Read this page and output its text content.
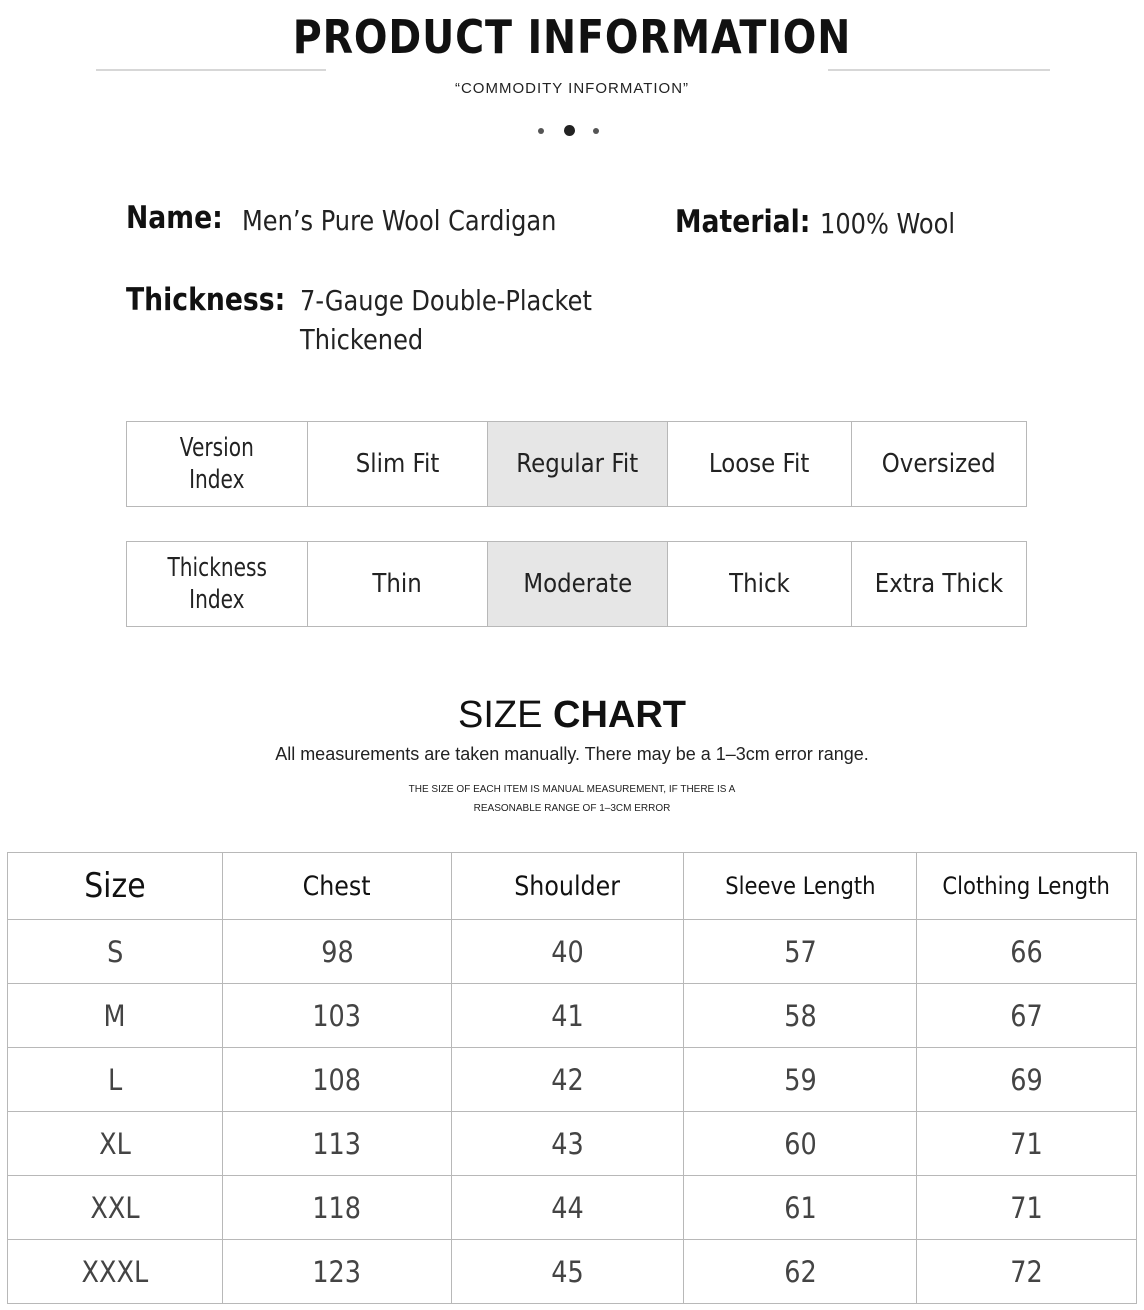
PRODUCT INFORMATION
“COMMODITY INFORMATION”
Name: Men’s Pure Wool Cardigan	Material: 100% Wool
Thickness: 7-Gauge Double-Placket
Thickened
Version
Index	Slim Fit	Regular Fit	Loose Fit	Oversized
Thickness
Index	Thin	Moderate	Thick	Extra Thick
SIZE CHART
All measurements are taken manually. There may be a 1–3cm error range.
THE SIZE OF EACH ITEM IS MANUAL MEASUREMENT, IF THERE IS A
REASONABLE RANGE OF 1–3CM ERROR
Size	Chest	Shoulder	Sleeve Length	Clothing Length
S	98	40	57	66
M	103	41	58	67
L	108	42	59	69
XL	113	43	60	71
XXL	118	44	61	71
XXXL	123	45	62	72
